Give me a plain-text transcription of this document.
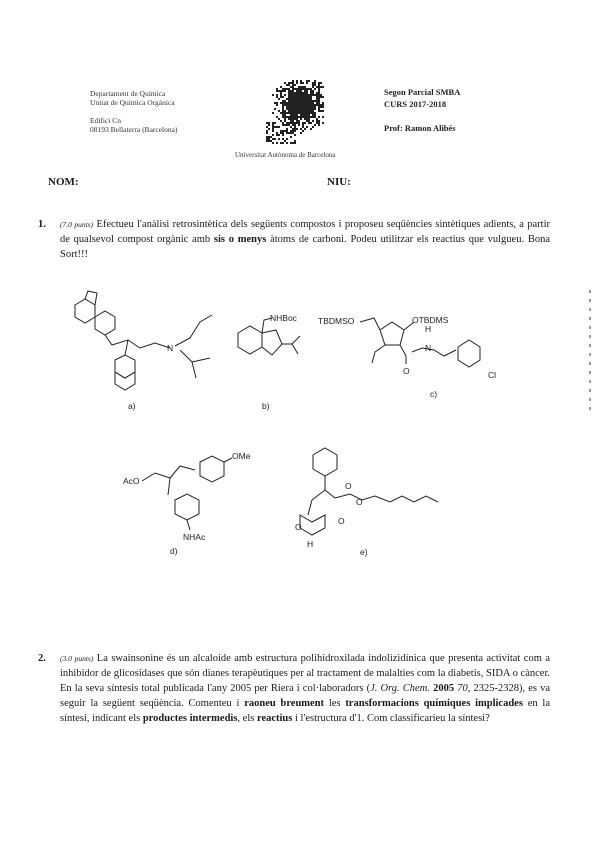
Departament de Química
Unitat de Química Orgànica
Edifici Cn
08193 Bellaterra (Barcelona)
Segon Parcial SMBA
CURS 2017-2018
Prof: Ramon Alibés
Universitat Autònoma de Barcelona
NOM:	NIU:
1. (7.0 punts) Efectueu l'anàlisi retrosintètica dels següents compostos i proposeu seqüències sintètiques adients, a partir de qualsevol compost orgànic amb sis o menys àtoms de carboni. Podeu utilitzar els reactius que vulgueu. Bona Sort!!!
N
a)
NHBoc
b)
TBDMSO	OTBDMS
O
H
N
Cl
c)
AcO
OMe
NHAc
d)
O
O
O
O
H
e)
2. (3.0 punts) La swainsonine és un alcaloide amb estructura polihidroxilada indolizidínica que presenta activitat com a inhibidor de glicosidases que són dianes terapèutiques per al tractament de malalties com la diabetis, SIDA o càncer. En la seva síntesis total publicada l'any 2005 per Riera i col·laboradors (J. Org. Chem. 2005 70, 2325-2328), es va seguir la següent seqüència. Comenteu i raoneu breument les transformacions químiques implicades en la síntesi, indicant els productes intermedis, els reactius i l'estructura d'1. Com classificaríeu la síntesi?
